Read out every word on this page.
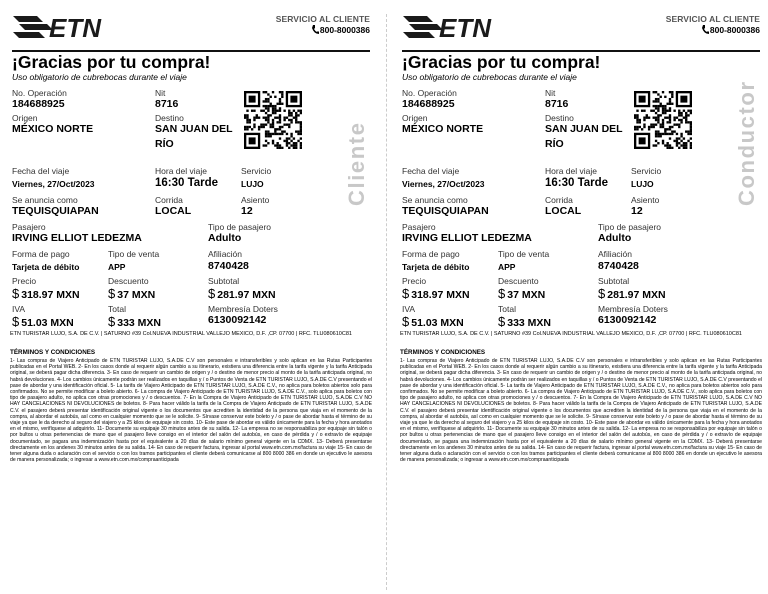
ETN	SERVICIO AL CLIENTE
800-8000386
¡Gracias por tu compra!
Uso obligatorio de cubrebocas durante el viaje
No. Operación
184688925
Nit
8716
Origen
MÉXICO NORTE
Destino
SAN JUAN DEL
RÍO
Fecha del viaje
Viernes, 27/Oct/2023
Hora del viaje
16:30 Tarde
Servicio
LUJO
Se anuncia como
TEQUISQUIAPAN
Corrida
LOCAL
Asiento
12
Pasajero
IRVING ELLIOT LEDEZMA
Tipo de pasajero
Adulto
Forma de pago
Tarjeta de débito
Tipo de venta
APP
Afiliación
8740428
Precio
$ 318.97 MXN
Descuento
$ 37 MXN
Subtotal
$ 281.97 MXN
IVA
$ 51.03 MXN
Total
$ 333 MXN
Membresía Doters
6130092142
Cliente
ETN TURISTAR LUJO, S.A. DE C.V. | SATURNO #39 Col.NUEVA INDUSTRIAL VALLEJO MEXICO, D.F. ,CP. 07700 | RFC. TLU080610C81
TÉRMINOS Y CONDICIONES
1- Las compras de Viajero Anticipado de ETN TURISTAR LUJO, S.A.DE C.V son personales e intransferibles y solo aplican en las Rutas Participantes publicadas en el Portal WEB. 2- En los casos donde al requerir algún cambio a su itinerario, existiera una diferencia entre la tarifa vigente y la tarifa Anticipada original, se deberá pagar dicha diferencia. 3- En caso de requerir un cambio de origen y / o destino de menor precio al monto de la tarifa anticipada original, no habrá devoluciones. 4- Los cambios únicamente podrán ser realizados en taquillas y / o Puntos de Venta de ETN TURISTAR LUJO, S.A.DE C.V presentando el pase de abordar y una identificación oficial. 5- La tarifa de Viajero Anticipado de ETN TURISTAR LUJO, S.A.DE C.V., no aplica para boletos abiertos solo para confirmados. No se permite modificar a boleto abierto. 6- La compra de Viajero Anticipado de ETN TURISTAR LUJO, S.A.DE C.V., solo aplica para boletos con tipo de pasajero adulto, no aplica con otras promociones y / o descuentos. 7- En la Compra de Viajero Anticipado de ETN TURISTAR LUJO, S.A.DE C.V NO HAY CANCELACIONES NI DEVOLUCIONES de boletos. 8- Para hacer válido la tarifa de la Compra de Viajero Anticipado de ETN TURISTAR LUJO, S.A.DE C.V. el pasajero deberá presentar identificación original vigente o los documentos que acrediten la identidad de la persona que viaja en el momento de la compra, al abordar el autobús, así como en cualquier momento que se le solicite. 9- Sírvase conservar este boleto y / o pase de abordar hasta el término de su viaje ya que le da derecho al seguro del viajero y a 25 kilos de equipaje sin costo. 10- Este pase de abordar es válido únicamente para la fecha y hora anotados en el mismo, verifíquese al adquirirlo. 11- Documente su equipaje 30 minutos antes de su salida. 12- La empresa no se responsabiliza por equipaje sin talón o por bultos u otras pertenencias de mano que el pasajero lleve consigo en el interior del salón del autobús, en caso de pérdida y / o extravío de equipaje documentado, se pagara una indemnización hasta por el equivalente a 20 días de salario mínimo general vigente en la CDMX. 13- Deberá presentarse directamente en los andenes 30 minutos antes de su salida. 14- En caso de requerir factura, ingresar al portal www.etn.com.mx/factura su viaje 15- En caso de tener alguna duda o aclaración con el servicio o con los tramos participantes el cliente deberá comunicarse al 800 8000 386 en donde un ejecutivo le asesora de manera personalizada; o ingresar a www.etn.com.mx/compraanticipada
ETN	SERVICIO AL CLIENTE
800-8000386
¡Gracias por tu compra!
Uso obligatorio de cubrebocas durante el viaje
No. Operación
184688925
Nit
8716
Origen
MÉXICO NORTE
Destino
SAN JUAN DEL
RÍO
Fecha del viaje
Viernes, 27/Oct/2023
Hora del viaje
16:30 Tarde
Servicio
LUJO
Se anuncia como
TEQUISQUIAPAN
Corrida
LOCAL
Asiento
12
Pasajero
IRVING ELLIOT LEDEZMA
Tipo de pasajero
Adulto
Forma de pago
Tarjeta de débito
Tipo de venta
APP
Afiliación
8740428
Precio
$ 318.97 MXN
Descuento
$ 37 MXN
Subtotal
$ 281.97 MXN
IVA
$ 51.03 MXN
Total
$ 333 MXN
Membresía Doters
6130092142
Conductor
ETN TURISTAR LUJO, S.A. DE C.V. | SATURNO #39 Col.NUEVA INDUSTRIAL VALLEJO MEXICO, D.F. ,CP. 07700 | RFC. TLU080610C81
TÉRMINOS Y CONDICIONES
1- Las compras de Viajero Anticipado de ETN TURISTAR LUJO, S.A.DE C.V son personales e intransferibles y solo aplican en las Rutas Participantes publicadas en el Portal WEB. 2- En los casos donde al requerir algún cambio a su itinerario, existiera una diferencia entre la tarifa vigente y la tarifa Anticipada original, se deberá pagar dicha diferencia. 3- En caso de requerir un cambio de origen y / o destino de menor precio al monto de la tarifa anticipada original, no habrá devoluciones. 4- Los cambios únicamente podrán ser realizados en taquillas y / o Puntos de Venta de ETN TURISTAR LUJO, S.A.DE C.V presentando el pase de abordar y una identificación oficial. 5- La tarifa de Viajero Anticipado de ETN TURISTAR LUJO, S.A.DE C.V., no aplica para boletos abiertos solo para confirmados. No se permite modificar a boleto abierto. 6- La compra de Viajero Anticipado de ETN TURISTAR LUJO, S.A.DE C.V., solo aplica para boletos con tipo de pasajero adulto, no aplica con otras promociones y / o descuentos. 7- En la Compra de Viajero Anticipado de ETN TURISTAR LUJO, S.A.DE C.V NO HAY CANCELACIONES NI DEVOLUCIONES de boletos. 8- Para hacer válido la tarifa de la Compra de Viajero Anticipado de ETN TURISTAR LUJO, S.A.DE C.V. el pasajero deberá presentar identificación original vigente o los documentos que acrediten la identidad de la persona que viaja en el momento de la compra, al abordar el autobús, así como en cualquier momento que se le solicite. 9- Sírvase conservar este boleto y / o pase de abordar hasta el término de su viaje ya que le da derecho al seguro del viajero y a 25 kilos de equipaje sin costo. 10- Este pase de abordar es válido únicamente para la fecha y hora anotados en el mismo, verifíquese al adquirirlo. 11- Documente su equipaje 30 minutos antes de su salida. 12- La empresa no se responsabiliza por equipaje sin talón o por bultos u otras pertenencias de mano que el pasajero lleve consigo en el interior del salón del autobús, en caso de pérdida y / o extravío de equipaje documentado, se pagara una indemnización hasta por el equivalente a 20 días de salario mínimo general vigente en la CDMX. 13- Deberá presentarse directamente en los andenes 30 minutos antes de su salida. 14- En caso de requerir factura, ingresar al portal www.etn.com.mx/factura su viaje 15- En caso de tener alguna duda o aclaración con el servicio o con los tramos participantes el cliente deberá comunicarse al 800 8000 386 en donde un ejecutivo le asesora de manera personalizada; o ingresar a www.etn.com.mx/compraanticipada
